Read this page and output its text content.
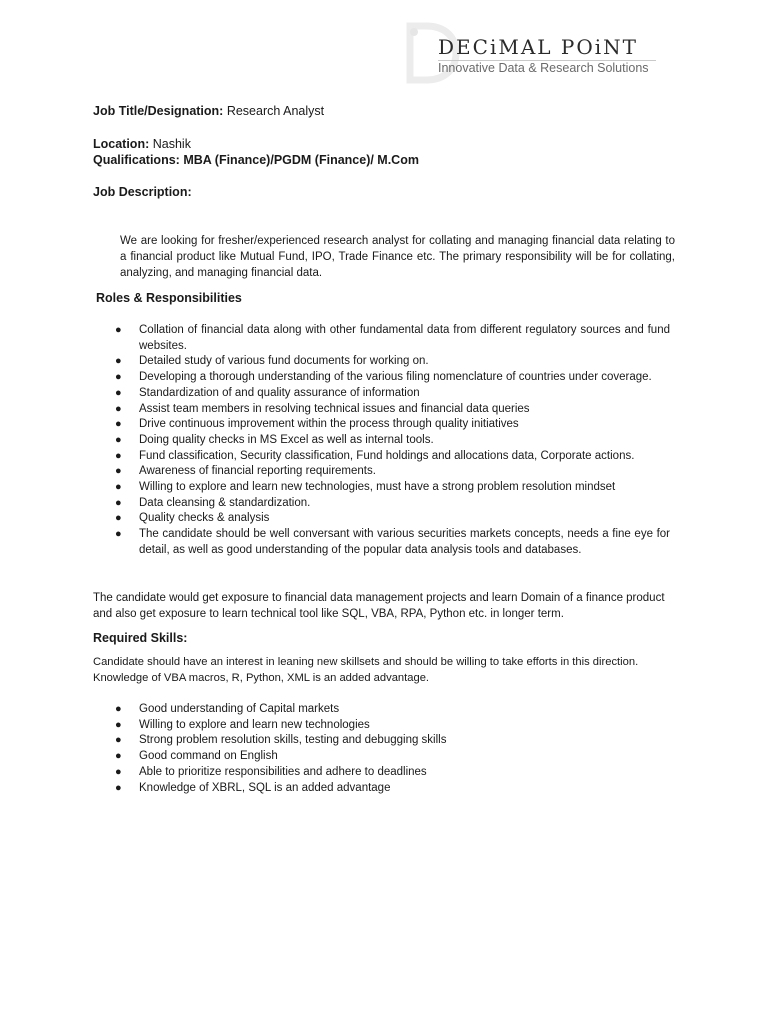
DECiMAL POiNT
Innovative Data & Research Solutions
Job Title/Designation: Research Analyst
Location: Nashik
Qualifications: MBA (Finance)/PGDM (Finance)/ M.Com
Job Description:

We are looking for fresher/experienced research analyst for collating and managing financial data relating to a financial product like Mutual Fund, IPO, Trade Finance etc. The primary responsibility will be for collating, analyzing, and managing financial data.

Roles & Responsibilities
● Collation of financial data along with other fundamental data from different regulatory sources and fund websites.
● Detailed study of various fund documents for working on.
● Developing a thorough understanding of the various filing nomenclature of countries under coverage.
● Standardization of and quality assurance of information
● Assist team members in resolving technical issues and financial data queries
● Drive continuous improvement within the process through quality initiatives
● Doing quality checks in MS Excel as well as internal tools.
● Fund classification, Security classification, Fund holdings and allocations data, Corporate actions.
● Awareness of financial reporting requirements.
● Willing to explore and learn new technologies, must have a strong problem resolution mindset
● Data cleansing & standardization.
● Quality checks & analysis
● The candidate should be well conversant with various securities markets concepts, needs a fine eye for detail, as well as good understanding of the popular data analysis tools and databases.

The candidate would get exposure to financial data management projects and learn Domain of a finance product and also get exposure to learn technical tool like SQL, VBA, RPA, Python etc. in longer term.

Required Skills:

Candidate should have an interest in leaning new skillsets and should be willing to take efforts in this direction. Knowledge of VBA macros, R, Python, XML is an added advantage.

● Good understanding of Capital markets
● Willing to explore and learn new technologies
● Strong problem resolution skills, testing and debugging skills
● Good command on English
● Able to prioritize responsibilities and adhere to deadlines
● Knowledge of XBRL, SQL is an added advantage
